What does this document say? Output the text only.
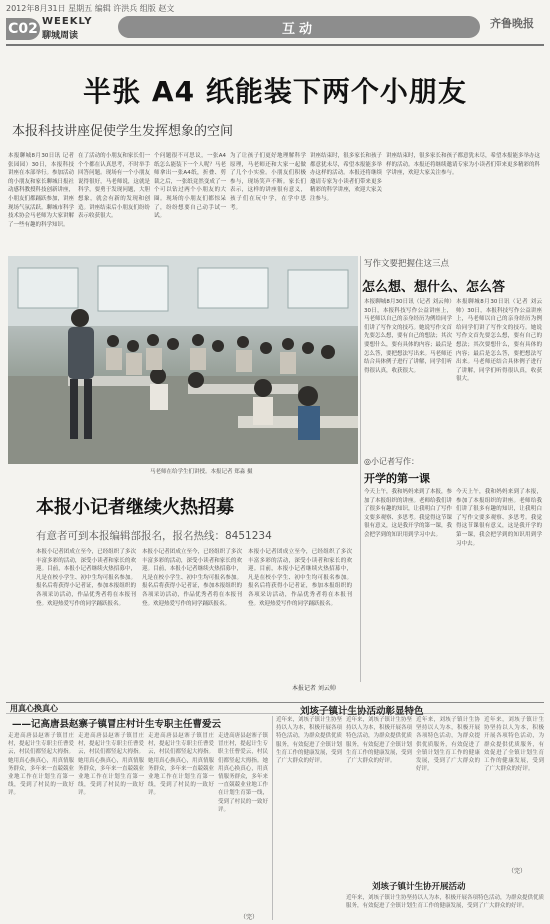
2012年8月31日 星期五 编辑 许洪兵 组版 赵文
C02 WEEKLY
聊城周读	互动	齐鲁晚报
半张 A4 纸能装下两个小朋友
本报科技讲座促使学生发挥想象的空间
本报聊城8月30日讯 记者张园园）30日，本报科技讲座在本部举行。参加活动的小朋友和家长聊城日报社动感科教授科技创新讲座，小朋友们都踊跃参加，讲座现场气氛活跃。聊城市科学技术协会马老师为大家讲解了一些有趣的科学知识。
在了活动的小朋友和家长们一个个都在认真思考，不时举手回答问题。现场有一个小朋友说得很好，马老师说，这就是科学，要勇于发现问题，大胆想象，就会有新的发现和创造。讲座结束后小朋友们纷纷表示收获很大。
个问题很不可思议，一张A4纸怎么能装下一个人呢？马老师拿出一张A4纸，折叠、剪裁之后，一张纸竟然变成了一个可以钻过两个小朋友的大圈。现场的小朋友们都惊呆了，纷纷想要自己动手试一试。
为了让孩子们更好地理解科学原理，马老师还和大家一起做了几个小实验。小朋友们积极参与，现场笑声不断。家长们表示，这样的讲座很有意义，孩子们在玩中学，在学中思考。
讲座结束时，很多家长和孩子都意犹未尽，希望本报能多举办这样的活动。本报还将继续邀请专家为小读者们带来更多精彩的科学讲座，欢迎大家关注参与。
讲座结束时，很多家长和孩子都意犹未尽，希望本报能多举办这样的活动。本报还将继续邀请专家为小读者们带来更多精彩的科学讲座，欢迎大家关注参与。
马老师在给学生们讲授。本报记者 郑淼 摄
写作文要把握住这三点
怎么想、想什么、怎么答
本报聊城8月30日讯（记者 刘云帅）30日，本报科技写作公益讲座上，马老师以自己的亲身经历为例给同学们讲了写作文的技巧。她说写作文首先要怎么想，要有自己的想法；其次要想什么，要有具体的内容；最后是怎么答，要把想法写出来。马老师还结合具体例子进行了讲解，同学们听得很认真，收获很大。
本报聊城8月30日讯（记者 刘云帅）30日，本报科技写作公益讲座上，马老师以自己的亲身经历为例给同学们讲了写作文的技巧。她说写作文首先要怎么想，要有自己的想法；其次要想什么，要有具体的内容；最后是怎么答，要把想法写出来。马老师还结合具体例子进行了讲解，同学们听得很认真，收获很大。
◎小记者写作：
开学的第一课
今天上午，我和妈妈来到了本报，参加了本报组织的讲座。老师给我们讲了很多有趣的知识，让我明白了写作文要多观察、多思考。我觉得这节课很有意义，这是我开学的第一课，我会把学到的知识用到学习中去。
今天上午，我和妈妈来到了本报，参加了本报组织的讲座。老师给我们讲了很多有趣的知识，让我明白了写作文要多观察、多思考。我觉得这节课很有意义，这是我开学的第一课，我会把学到的知识用到学习中去。
本报小记者继续火热招募
有意者可到本报编辑部报名，报名热线：8451234
本报小记者团成立至今，已经组织了多次丰富多彩的活动，深受小读者和家长的欢迎。目前，本报小记者继续火热招募中，凡是在校小学生、初中生均可报名参加。报名后将获得小记者证，参加本报组织的各项采访活动，作品优秀者将在本报刊登。欢迎热爱写作的同学踊跃报名。
本报小记者团成立至今，已经组织了多次丰富多彩的活动，深受小读者和家长的欢迎。目前，本报小记者继续火热招募中，凡是在校小学生、初中生均可报名参加。报名后将获得小记者证，参加本报组织的各项采访活动，作品优秀者将在本报刊登。欢迎热爱写作的同学踊跃报名。
本报小记者团成立至今，已经组织了多次丰富多彩的活动，深受小读者和家长的欢迎。目前，本报小记者继续火热招募中，凡是在校小学生、初中生均可报名参加。报名后将获得小记者证，参加本报组织的各项采访活动，作品优秀者将在本报刊登。欢迎热爱写作的同学踊跃报名。
本报记者 刘云帅
用真心换真心
——记高唐县赵寨子镇冒庄村计生专职主任曹爱云
刘垓子镇计生协活动彰显特色
走进高唐县赵寨子镇冒庄村，提起计生专职主任曹爱云，村民们都竖起大拇指。她用真心换真心，用真情服务群众，多年来一直兢兢业业地工作在计划生育第一线，受到了村民的一致好评。
走进高唐县赵寨子镇冒庄村，提起计生专职主任曹爱云，村民们都竖起大拇指。她用真心换真心，用真情服务群众，多年来一直兢兢业业地工作在计划生育第一线，受到了村民的一致好评。
走进高唐县赵寨子镇冒庄村，提起计生专职主任曹爱云，村民们都竖起大拇指。她用真心换真心，用真情服务群众，多年来一直兢兢业业地工作在计划生育第一线，受到了村民的一致好评。
走进高唐县赵寨子镇冒庄村，提起计生专职主任曹爱云，村民们都竖起大拇指。她用真心换真心，用真情服务群众，多年来一直兢兢业业地工作在计划生育第一线，受到了村民的一致好评。
（完）
近年来，刘垓子镇计生协坚持以人为本，积极开展各项特色活动，为群众提供优质服务，有效促进了全镇计划生育工作的健康发展，受到了广大群众的好评。
近年来，刘垓子镇计生协坚持以人为本，积极开展各项特色活动，为群众提供优质服务，有效促进了全镇计划生育工作的健康发展，受到了广大群众的好评。
近年来，刘垓子镇计生协坚持以人为本，积极开展各项特色活动，为群众提供优质服务，有效促进了全镇计划生育工作的健康发展，受到了广大群众的好评。
近年来，刘垓子镇计生协坚持以人为本，积极开展各项特色活动，为群众提供优质服务，有效促进了全镇计划生育工作的健康发展，受到了广大群众的好评。
刘垓子镇计生协开展活动
近年来，刘垓子镇计生协坚持以人为本，积极开展各项特色活动，为群众提供优质服务，有效促进了全镇计划生育工作的健康发展，受到了广大群众的好评。
（完）
